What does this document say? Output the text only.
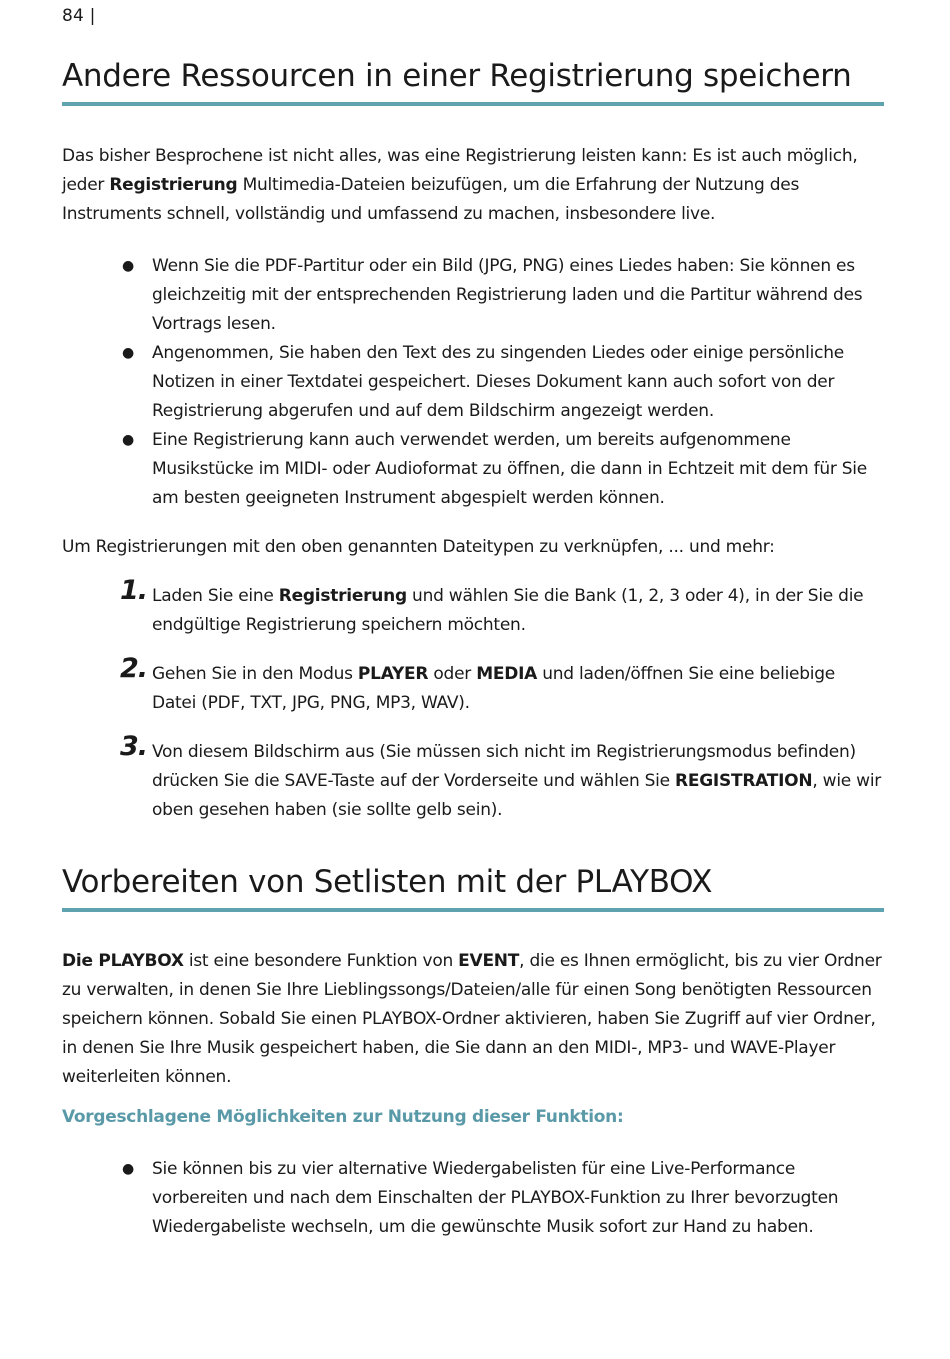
84 |
Andere Ressourcen in einer Registrierung speichern

Das bisher Besprochene ist nicht alles, was eine Registrierung leisten kann: Es ist auch möglich, jeder Registrierung Multimedia-Dateien beizufügen, um die Erfahrung der Nutzung des Instruments schnell, vollständig und umfassend zu machen, insbesondere live.

● Wenn Sie die PDF-Partitur oder ein Bild (JPG, PNG) eines Liedes haben: Sie können es gleichzeitig mit der entsprechenden Registrierung laden und die Partitur während des Vortrags lesen.
● Angenommen, Sie haben den Text des zu singenden Liedes oder einige persönliche Notizen in einer Textdatei gespeichert. Dieses Dokument kann auch sofort von der Registrierung abgerufen und auf dem Bildschirm angezeigt werden.
● Eine Registrierung kann auch verwendet werden, um bereits aufgenommene Musikstücke im MIDI- oder Audioformat zu öffnen, die dann in Echtzeit mit dem für Sie am besten geeigneten Instrument abgespielt werden können.

Um Registrierungen mit den oben genannten Dateitypen zu verknüpfen, ... und mehr:

1. Laden Sie eine Registrierung und wählen Sie die Bank (1, 2, 3 oder 4), in der Sie die endgültige Registrierung speichern möchten.
2. Gehen Sie in den Modus PLAYER oder MEDIA und laden/öffnen Sie eine beliebige Datei (PDF, TXT, JPG, PNG, MP3, WAV).
3. Von diesem Bildschirm aus (Sie müssen sich nicht im Registrierungsmodus befinden) drücken Sie die SAVE-Taste auf der Vorderseite und wählen Sie REGISTRATION, wie wir oben gesehen haben (sie sollte gelb sein).
Vorbereiten von Setlisten mit der PLAYBOX

Die PLAYBOX ist eine besondere Funktion von EVENT, die es Ihnen ermöglicht, bis zu vier Ordner zu verwalten, in denen Sie Ihre Lieblingssongs/Dateien/alle für einen Song benötigten Ressourcen speichern können. Sobald Sie einen PLAYBOX-Ordner aktivieren, haben Sie Zugriff auf vier Ordner, in denen Sie Ihre Musik gespeichert haben, die Sie dann an den MIDI-, MP3- und WAVE-Player weiterleiten können.

Vorgeschlagene Möglichkeiten zur Nutzung dieser Funktion:
● Sie können bis zu vier alternative Wiedergabelisten für eine Live-Performance vorbereiten und nach dem Einschalten der PLAYBOX-Funktion zu Ihrer bevorzugten Wiedergabeliste wechseln, um die gewünschte Musik sofort zur Hand zu haben.
